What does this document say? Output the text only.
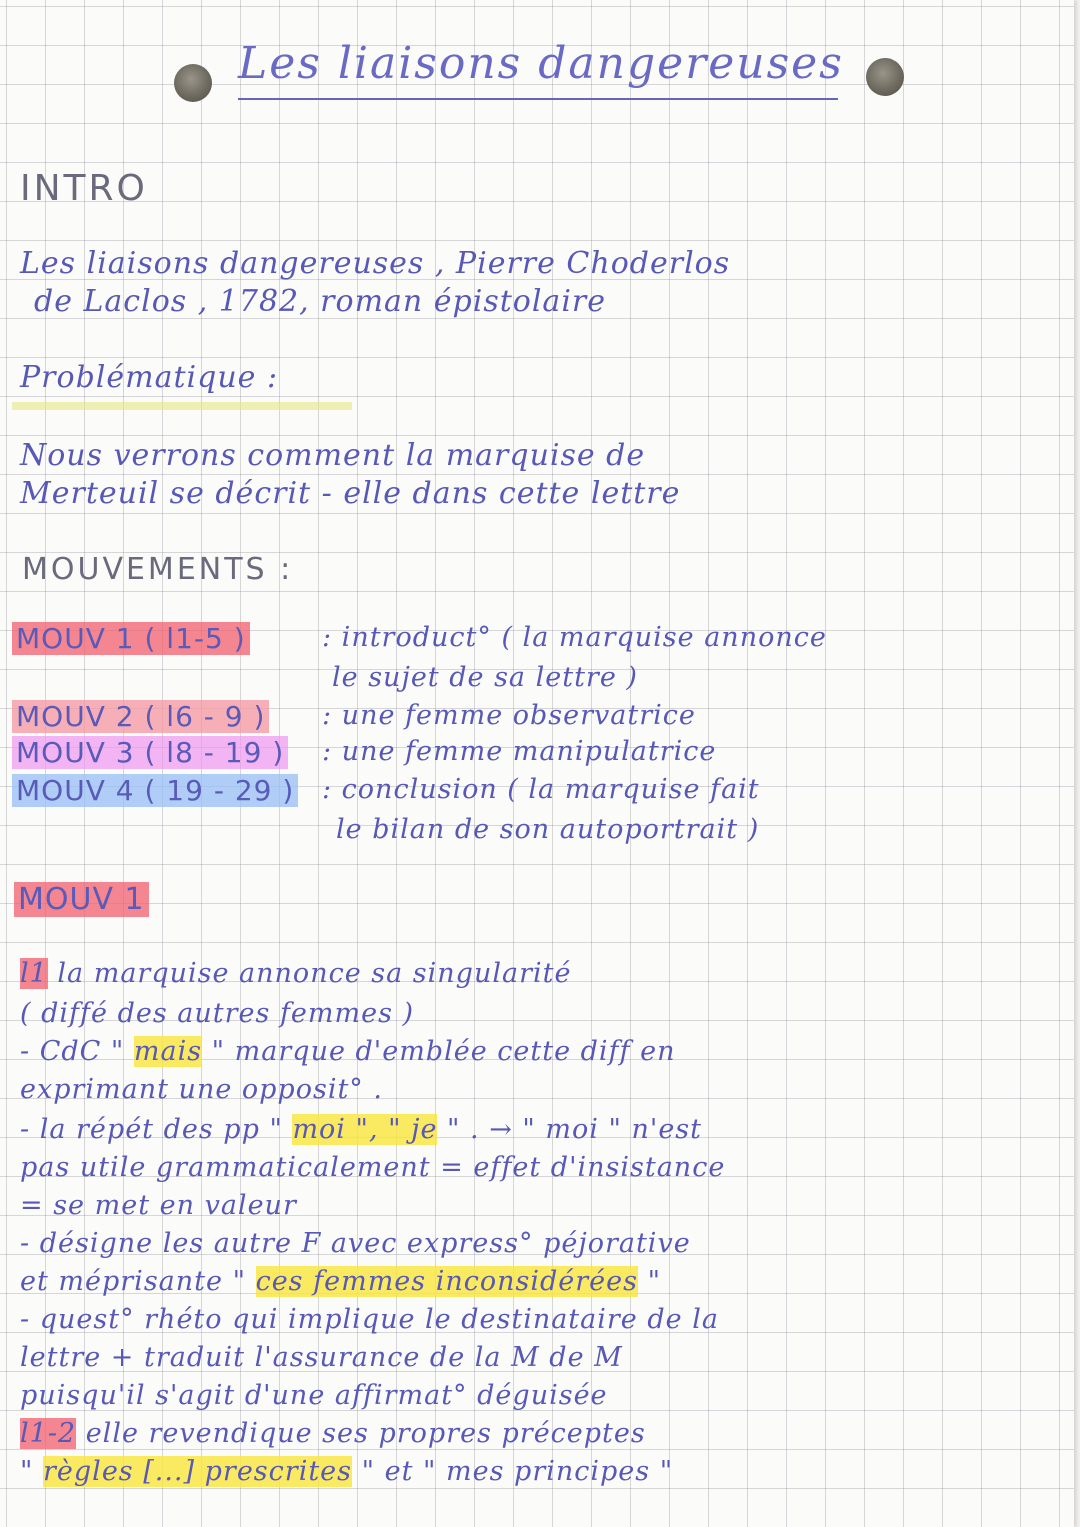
Les liaisons dangereuses
INTRO
Les liaisons dangereuses , Pierre Choderlos
de Laclos , 1782, roman épistolaire
Problématique :
Nous verrons comment la marquise de
Merteuil se décrit - elle dans cette lettre
MOUVEMENTS :
MOUV 1 ( l1-5 )	: introduct° ( la marquise annonce
le sujet de sa lettre )
MOUV 2 ( l6 - 9 ) : une femme observatrice
MOUV 3 ( l8 - 19 ) : une femme manipulatrice
MOUV 4 ( 19 - 29 ) : conclusion ( la marquise fait
le bilan de son autoportrait )
MOUV 1
l1 la marquise annonce sa singularité
( diffé des autres femmes )
- CdC " mais " marque d'emblée cette diff en
exprimant une opposit° .
- la répét des pp " moi ", " je " . → " moi " n'est
pas utile grammaticalement = effet d'insistance
= se met en valeur
- désigne les autre F avec express° péjorative
et méprisante " ces femmes inconsidérées "
- quest° rhéto qui implique le destinataire de la
lettre + traduit l'assurance de la M de M
puisqu'il s'agit d'une affirmat° déguisée
l1-2 elle revendique ses propres préceptes
" règles [...] prescrites " et " mes principes "
